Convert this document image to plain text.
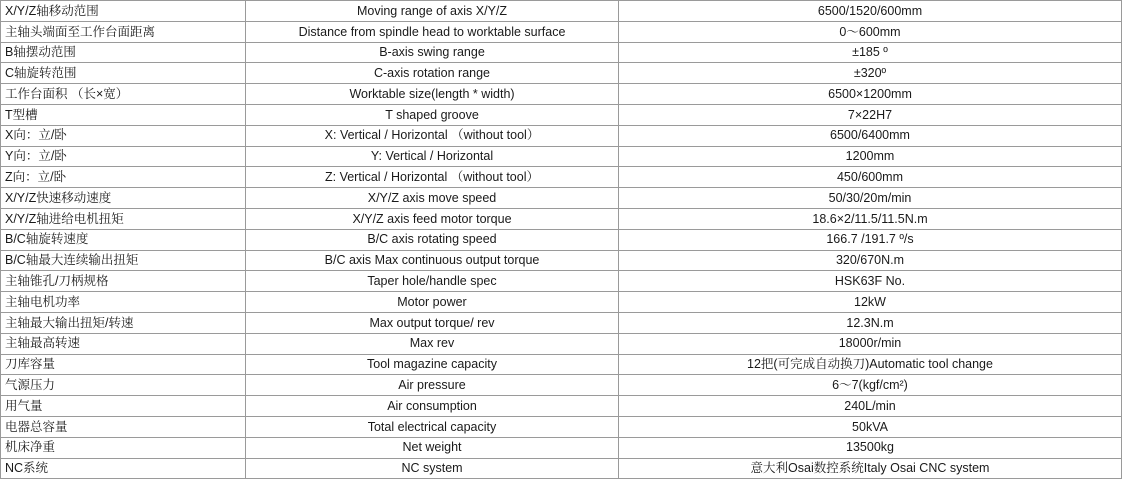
X/Y/Z轴移动范围	Moving range of axis X/Y/Z	6500/1520/600mm
主轴头端面至工作台面距离	Distance from spindle head to worktable surface	0～600mm
B轴摆动范围	B-axis swing range	±185 º
C轴旋转范围	C-axis rotation range	±320º
工作台面积 （长×宽）	Worktable size(length * width)	6500×1200mm
T型槽	T shaped groove	7×22H7
X向：立/卧	X: Vertical / Horizontal （without tool）	6500/6400mm
Y向：立/卧	Y: Vertical / Horizontal	1200mm
Z向：立/卧	Z: Vertical / Horizontal （without tool）	450/600mm
X/Y/Z快速移动速度	X/Y/Z axis move speed	50/30/20m/min
X/Y/Z轴进给电机扭矩	X/Y/Z axis feed motor torque	18.6×2/11.5/11.5N.m
B/C轴旋转速度	B/C axis rotating speed	166.7 /191.7 º/s
B/C轴最大连续输出扭矩	B/C axis Max continuous output torque	320/670N.m
主轴锥孔/刀柄规格	Taper hole/handle spec	HSK63F No.
主轴电机功率	Motor power	12kW
主轴最大输出扭矩/转速	Max output torque/ rev	12.3N.m
主轴最高转速	Max rev	18000r/min
刀库容量	Tool magazine capacity	12把(可完成自动换刀)Automatic tool change
气源压力	Air pressure	6～7(kgf/cm²)
用气量	Air consumption	240L/min
电器总容量	Total electrical capacity	50kVA
机床净重	Net weight	13500kg
NC系统	NC system	意大利Osai数控系统Italy Osai CNC system
